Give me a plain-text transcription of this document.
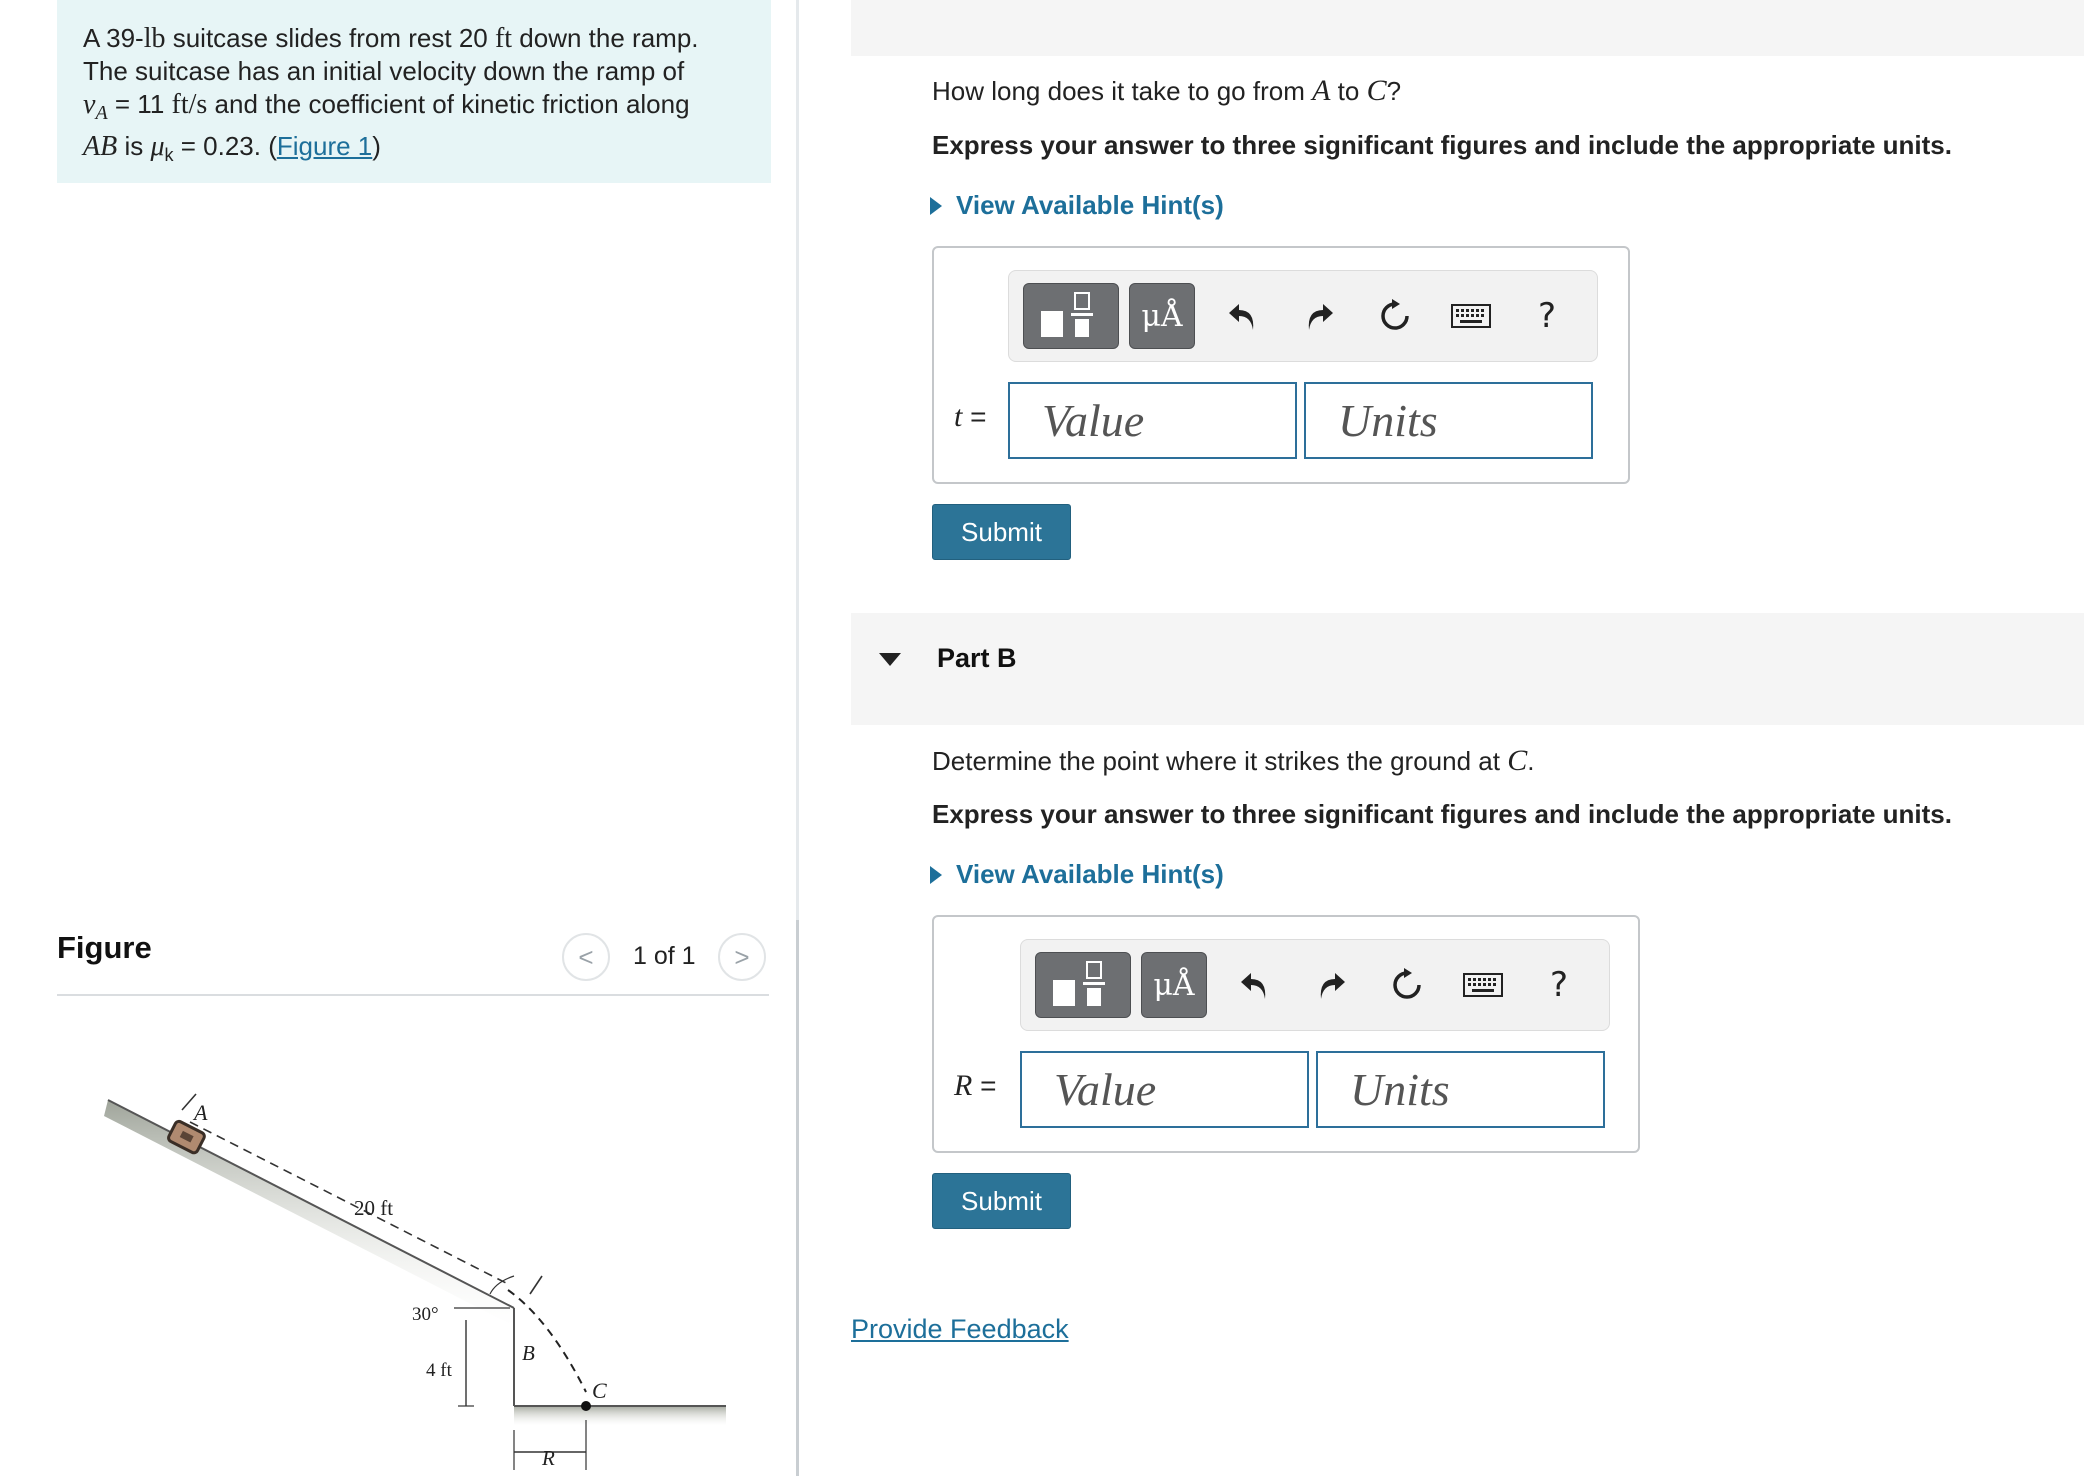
A 39-lb suitcase slides from rest 20 ft down the ramp.
The suitcase has an initial velocity down the ramp of
$v_A = 11$ ft/s and the coefficient of kinetic friction along
AB is $\mu_k = 0.23$. (Figure 1)
Figure	< 1 of 1 >
A
20 ft
30°
4 ft
B
C
R
How long does it take to go from A to C?
Express your answer to three significant figures and include the appropriate units.
View Available Hint(s)
μÅ	?
t =
Value
Units
Submit
Part B
Determine the point where it strikes the ground at C.
Express your answer to three significant figures and include the appropriate units.
View Available Hint(s)
μÅ	?
R =
Value
Units
Submit
Provide Feedback
